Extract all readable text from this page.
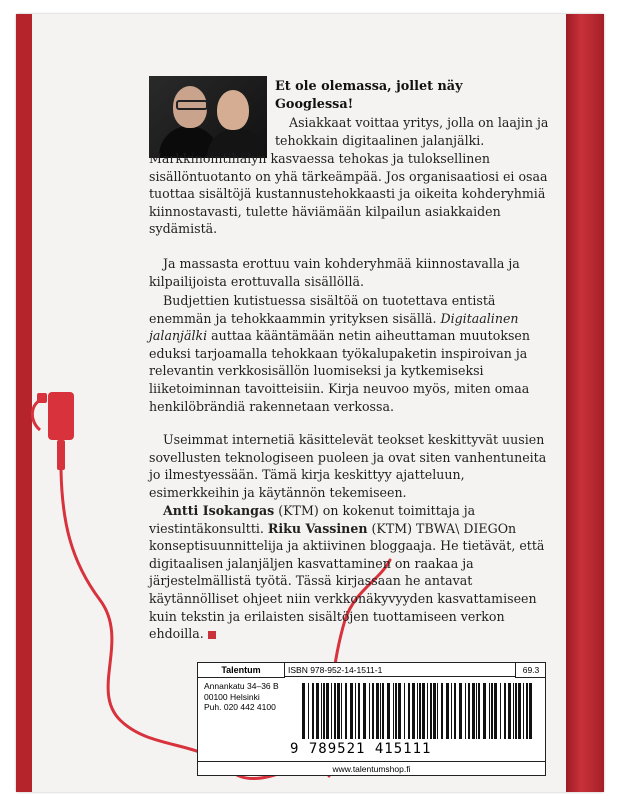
Et ole olemassa, jollet näy
Googlessa!
Asiakkaat voittaa yritys, jolla on laajin ja tehokkain digitaalinen jalanjälki.
Markkinointihälyn kasvaessa tehokas ja tuloksellinen sisällöntuotanto on yhä tärkeämpää. Jos organisaatiosi ei osaa tuottaa sisältöjä kustannustehokkaasti ja oikeita kohderyhmiä kiinnostavasti, tulette häviämään kilpailun asiakkaiden sydämistä.
Ja massasta erottuu vain kohderyhmää kiinnostavalla ja kilpailijoista erottuvalla sisällöllä.
Budjettien kutistuessa sisältöä on tuotettava entistä enemmän ja tehokkaammin yrityksen sisällä. Digitaalinen jalanjälki auttaa kääntämään netin aiheuttaman muutoksen eduksi tarjoamalla tehokkaan työkalupaketin inspiroivan ja relevantin verkkosisällön luomiseksi ja kytkemiseksi liiketoiminnan tavoitteisiin. Kirja neuvoo myös, miten omaa henkilöbrändiä rakennetaan verkossa.
Useimmat internetiä käsittelevät teokset keskittyvät uusien sovellusten teknologiseen puoleen ja ovat siten vanhentuneita jo ilmestyessään. Tämä kirja keskittyy ajatteluun, esimerkkeihin ja käytännön tekemiseen.
Antti Isokangas (KTM) on kokenut toimittaja ja viestintäkonsultti. Riku Vassinen (KTM) TBWA\ DIEGOn konseptisuunnittelija ja aktiivinen bloggaaja. He tietävät, että digitaalisen jalanjäljen kasvattaminen on raakaa ja järjestelmällistä työtä. Tässä kirjassaan he antavat käytännölliset ohjeet niin verkkonäkyvyyden kasvattamiseen kuin tekstin ja erilaisten sisältöjen tuottamiseen verkon ehdoilla.
Talentum	ISBN 978-952-14-1511-1	69.3
Annankatu 34–36 B
00100 Helsinki
Puh. 020 442 4100
9 789521 415111
www.talentumshop.fi
